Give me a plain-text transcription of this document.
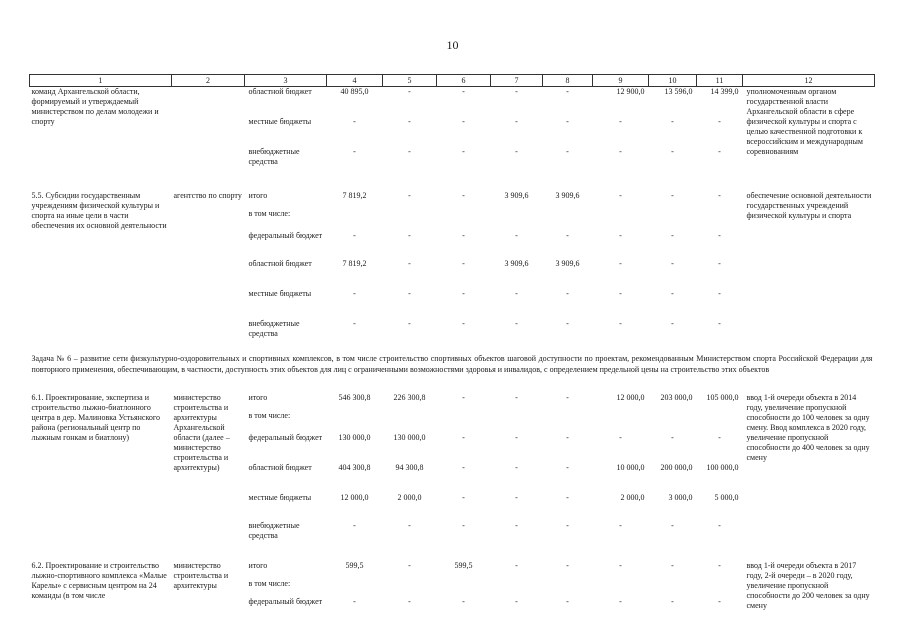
10
1	2	3	4	5	6	7	8	9	10	11	12
команд Архангельской области, формируемый и утверждаемый министерством по делам молодежи и спорту		областной бюджет	40 895,0	-	-	-	-	12 900,0	13 596,0	14 399,0	уполномоченным органом государственной власти Архангельской области в сфере физической культуры и спорта с целью качественной подготовки к всероссийским и международным соревнованиям
		местные бюджеты	-	-	-	-	-	-	-	-	
		внебюджетные средства	-	-	-	-	-	-	-	-	

5.5. Субсидии государственным учреждениям физической культуры и спорта на иные цели в части обеспечения их основной деятельности	агентство по спорту	итого	7 819,2	-	-	3 909,6	3 909,6	-	-	-	обеспечение основной деятельности государственных учреждений физической культуры и спорта
		в том числе:									
		федеральный бюджет	-	-	-	-	-	-	-	-	
		областной бюджет	7 819,2	-	-	3 909,6	3 909,6	-	-	-	
		местные бюджеты	-	-	-	-	-	-	-	-	
		внебюджетные средства	-	-	-	-	-	-	-	-	
Задача № 6 – развитие сети физкультурно-оздоровительных и спортивных комплексов, в том числе строительство спортивных объектов шаговой доступности по проектам, рекомендованным Министерством спорта Российской Федерации для повторного применения, обеспечивающим, в частности, доступность этих объектов для лиц с ограниченными возможностями здоровья и инвалидов, с определением предельной цены на строительство этих объектов											

6.1. Проектирование, экспертиза и строительство лыжно-биатлонного центра в дер. Малиновка Устьянского района (региональный центр по лыжным гонкам и биатлону)	министерство строительства и архитектуры Архангельской области (далее – министерство строительства и архитектуры)	итого	546 300,8	226 300,8	-	-	-	12 000,0	203 000,0	105 000,0	ввод 1-й очереди объекта в 2014 году, увеличение пропускной способности до 100 человек за одну смену. Ввод комплекса в 2020 году, увеличение пропускной способности до 400 человек за одну смену
		в том числе:									
		федеральный бюджет	130 000,0	130 000,0	-	-	-	-	-	-	
		областной бюджет	404 300,8	94 300,8	-	-	-	10 000,0	200 000,0	100 000,0	
		местные бюджеты	12 000,0	2 000,0	-	-	-	2 000,0	3 000,0	5 000,0	
		внебюджетные средства	-	-	-	-	-	-	-	-	

6.2. Проектирование и строительство лыжно-спортивного комплекса «Малые Карелы» с сервисным центром на 24 команды (в том числе	министерство строительства и архитектуры	итого	599,5	-	599,5	-	-	-	-	-	ввод 1-й очереди объекта в 2017 году, 2-й очереди – в 2020 году, увеличение пропускной способности до 200 человек за одну смену
		в том числе:									
		федеральный бюджет	-	-	-	-	-	-	-	-	
